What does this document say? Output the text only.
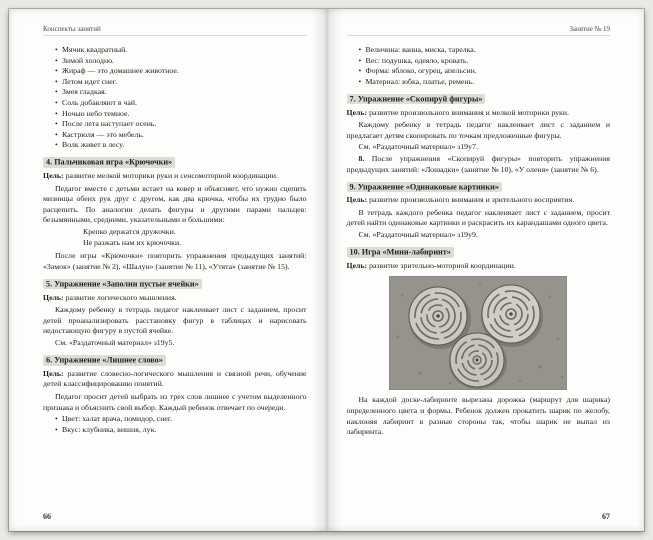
Конспекты занятий
• Мячик квадратный.
• Зимой холодно.
• Жираф — это домашнее животное.
• Летом идет снег.
• Змея гладкая.
• Соль добавляют в чай.
• Ночью небо темное.
• После лета наступает осень.
• Кастрюля — это мебель.
• Волк живет в лесу.
4. Пальчиковая игра «Крючочки»

Цель: развитие мелкой моторики руки и сенсомоторной координации.

Педагог вместе с детьми встает на ковер и объясняет, что нужно сцепить мизинцы обеих рук друг с другом, как два крючка, чтобы их трудно было расцепить. По аналогии делать фигуры и другими парами пальцев: безымянными, средними, указательными и большими:

Крепко держатся дружочки.
Не разжать нам их крючочки.

После игры «Крючочки» повторить упражнения предыдущих занятий: «Замок» (занятие № 2), «Шалун» (занятие № 11), «Утята» (занятие № 15).

5. Упражнение «Заполни пустые ячейки»

Цель: развитие логического мышления.

Каждому ребенку в тетрадь педагог наклеивает лист с заданием, просит детей проанализировать расстановку фигур в таблицах и нарисовать недостающую фигуру в пустой ячейке.

См. «Раздаточный материал» з19у5.

6. Упражнение «Лишнее слово»

Цель: развитие словесно-логического мышления и связной речи, обучение детей классифицированию понятий.

Педагог просит детей выбрать из трех слов лишнее с учетом выделенного признака и объяснить свой выбор. Каждый ребенок отвечает по очереди.

• Цвет: халат врача, помидор, снег.
• Вкус: клубника, вишня, лук.
66
Занятие № 19
• Величина: ванна, миска, тарелка.
• Вес: подушка, одеяло, кровать.
• Форма: яблоко, огурец, апельсин.
• Материал: юбка, платье, ремень.
7. Упражнение «Скопируй фигуры»

Цель: развитие произвольного внимания и мелкой моторики руки.

Каждому ребенку в тетрадь педагог наклеивает лист с заданием и предлагает детям скопировать по точкам предложенные фигуры.

См. «Раздаточный материал» з19у7.

8. После упражнения «Скопируй фигуры» повторить упражнения предыдущих занятий: «Лошадки» (занятие № 10), «У оленя» (занятие № 6).

9. Упражнение «Одинаковые картинки»

Цель: развитие произвольного внимания и зрительного восприятия.

В тетрадь каждого ребенка педагог наклеивает лист с заданием, просит детей найти одинаковые картинки и раскрасить их карандашами одного цвета.

См. «Раздаточный материал» з19у9.

10. Игра «Мини-лабиринт»

Цель: развитие зрительно-моторной координации.

На каждой доске-лабиринте вырезана дорожка (маршрут для шарика) определенного цвета и формы. Ребенок должен прокатить шарик по желобу, наклоняя лабиринт в разные стороны так, чтобы шарик не выпал из лабиринта.

67
